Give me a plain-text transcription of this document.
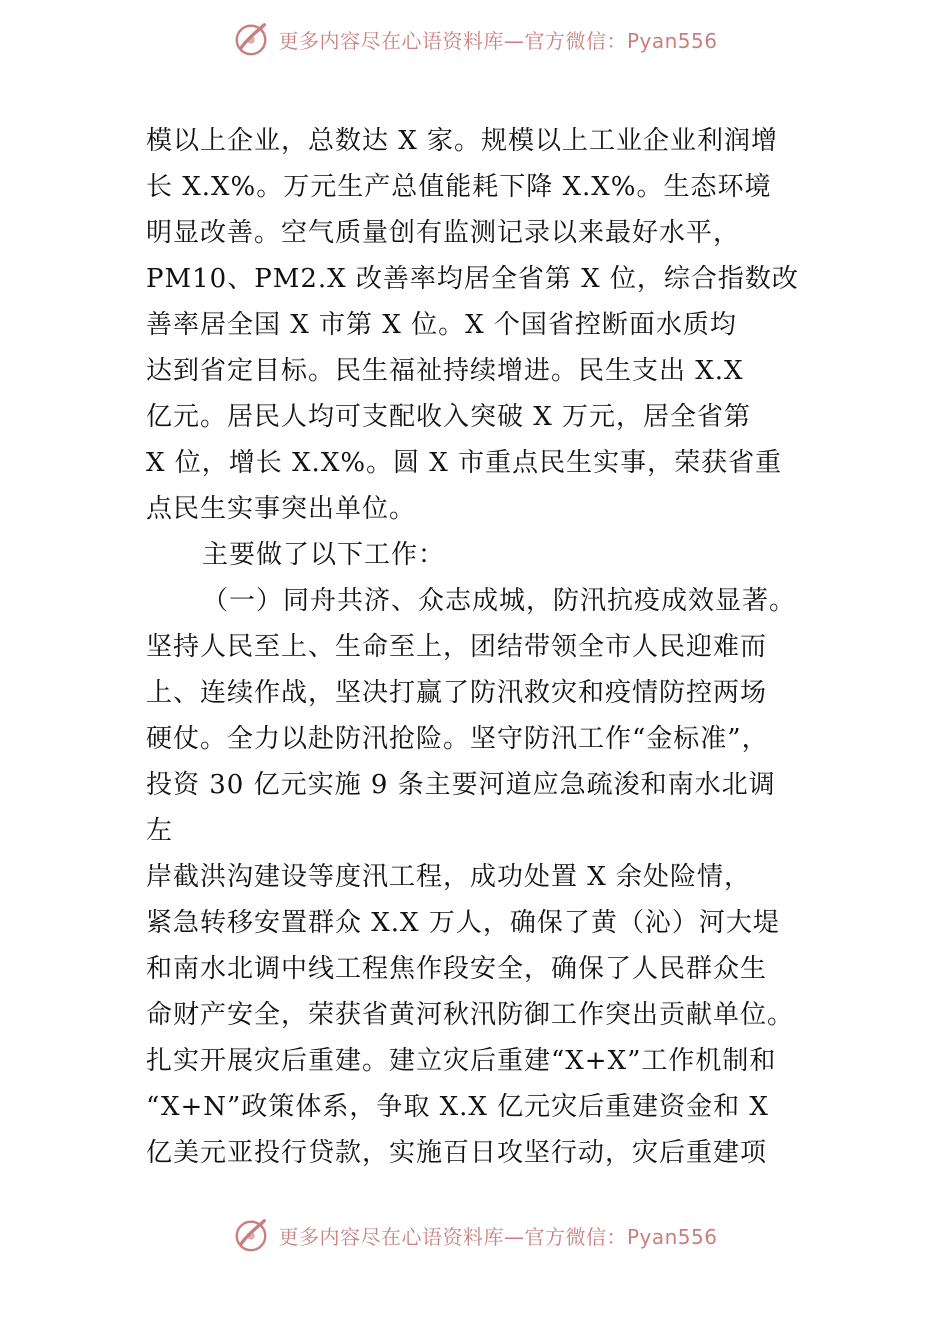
更多内容尽在心语资料库—官方微信：Pyan556
模以上企业，总数达 X 家。规模以上工业企业利润增
长 X.X%。万元生产总值能耗下降 X.X%。生态环境
明显改善。空气质量创有监测记录以来最好水平，
PM10、PM2.X 改善率均居全省第 X 位，综合指数改
善率居全国 X 市第 X 位。X 个国省控断面水质均
达到省定目标。民生福祉持续增进。民生支出 X.X
亿元。居民人均可支配收入突破 X 万元，居全省第
X 位，增长 X.X%。圆 X 市重点民生实事，荣获省重
点民生实事突出单位。
主要做了以下工作：
（一）同舟共济、众志成城，防汛抗疫成效显著。
坚持人民至上、生命至上，团结带领全市人民迎难而
上、连续作战，坚决打赢了防汛救灾和疫情防控两场
硬仗。全力以赴防汛抢险。坚守防汛工作“金标准”，
投资 30 亿元实施 9 条主要河道应急疏浚和南水北调
左
岸截洪沟建设等度汛工程，成功处置 X 余处险情，
紧急转移安置群众 X.X 万人，确保了黄（沁）河大堤
和南水北调中线工程焦作段安全，确保了人民群众生
命财产安全，荣获省黄河秋汛防御工作突出贡献单位。
扎实开展灾后重建。建立灾后重建“X+X”工作机制和
“X+N”政策体系，争取 X.X 亿元灾后重建资金和 X
亿美元亚投行贷款，实施百日攻坚行动，灾后重建项
更多内容尽在心语资料库—官方微信：Pyan556
